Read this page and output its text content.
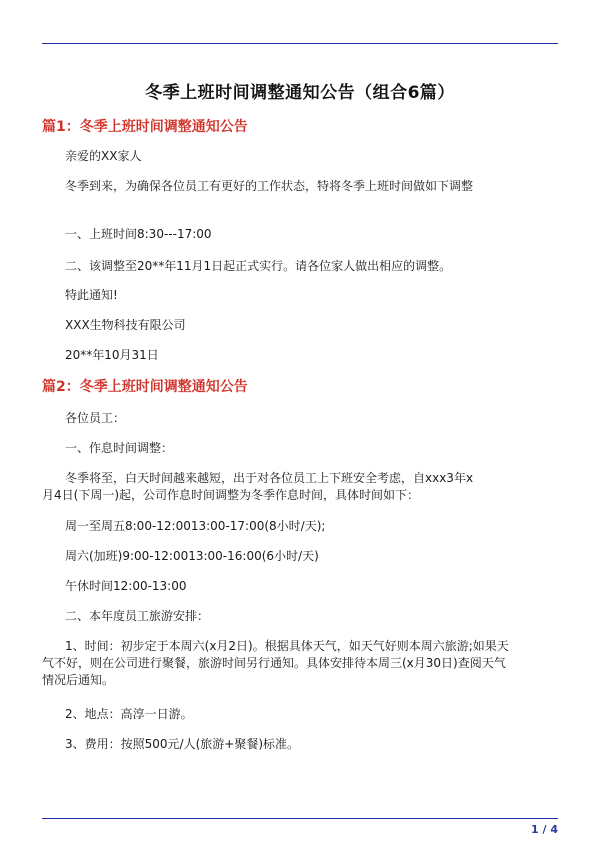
冬季上班时间调整通知公告（组合6篇）
篇1：冬季上班时间调整通知公告
亲爱的XX家人
冬季到来，为确保各位员工有更好的工作状态，特将冬季上班时间做如下调整
一、上班时间8:30---17:00
二、该调整至20**年11月1日起正式实行。请各位家人做出相应的调整。
特此通知!
XXX生物科技有限公司
20**年10月31日
篇2：冬季上班时间调整通知公告
各位员工：
一、作息时间调整：
冬季将至，白天时间越来越短，出于对各位员工上下班安全考虑，自xxx3年x月4日(下周一)起，公司作息时间调整为冬季作息时间，具体时间如下：
周一至周五8:00-12:0013:00-17:00(8小时/天);
周六(加班)9:00-12:0013:00-16:00(6小时/天)
午休时间12:00-13:00
二、本年度员工旅游安排：
1、时间：初步定于本周六(x月2日)。根据具体天气，如天气好则本周六旅游;如果天气不好，则在公司进行聚餐，旅游时间另行通知。具体安排待本周三(x月30日)查阅天气情况后通知。
2、地点：高淳一日游。
3、费用：按照500元/人(旅游+聚餐)标准。
1 / 4
